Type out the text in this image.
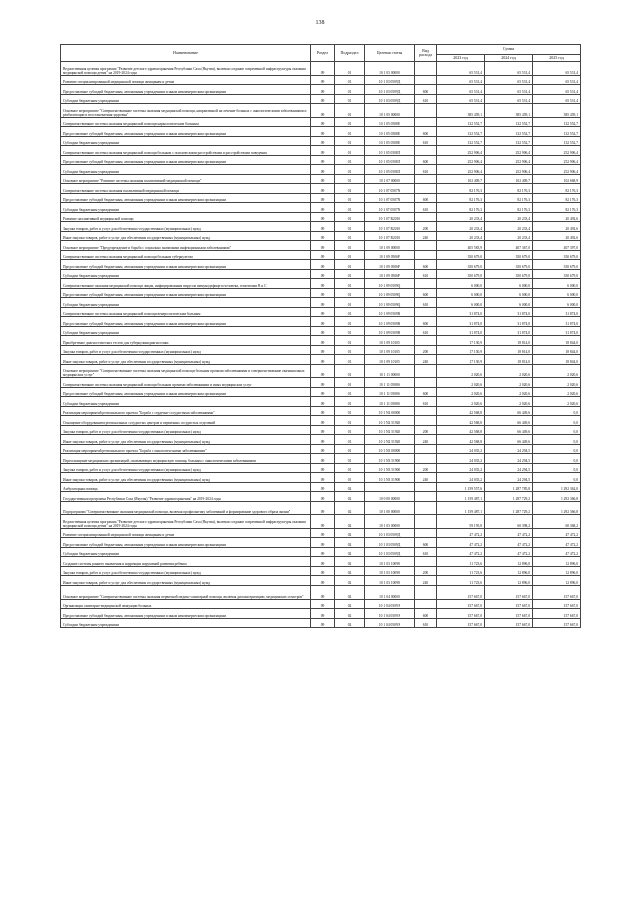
138
Наименование	Раздел	Подраздел	Целевая статья	Вид расхода	Сумма		
					2023 год	2024 год	2025 год
Ведомственная целевая программа "Развитие детского здравоохранения Республики Саха (Якутия), включая создание современной инфраструктуры оказания медицинской помощи детям" на 2019-2024 годы	09	01	10 1 03 00000		65 531,4	65 531,4	65 531,4
Развитие специализированной медицинской помощи женщинам и детям	09	01	10 1 03 0509Д		65 531,4	65 531,4	65 531,4
Предоставление субсидий бюджетным, автономным учреждениям и иным некоммерческим организациям	09	01	10 1 03 0509Д	600	65 531,4	65 531,4	65 531,4
Субсидии бюджетным учреждениям	09	01	10 1 03 0509Д	610	65 531,4	65 531,4	65 531,4
Основное мероприятие "Совершенствование системы оказания медицинской помощи, направленной на лечение больных с онкологическими заболеваниями и реабилитации и восстановления здоровья"	09	01	10 1 05 00000		385 459,1	385 459,1	385 459,1
Совершенствование системы оказания медицинской помощи наркологическим больным	09	01	10 1 05 0508Е		132 552,7	132 552,7	132 552,7
Предоставление субсидий бюджетным, автономным учреждениям и иным некоммерческим организациям	09	01	10 1 05 0508Е	600	132 552,7	132 552,7	132 552,7
Субсидии бюджетным учреждениям	09	01	10 1 05 0508Е	610	132 552,7	132 552,7	132 552,7
Совершенствование системы оказания медицинской помощи больным с психическими расстройствами и расстройствами поведения	09	01	10 1 05 0508Л		252 906,4	252 906,4	252 906,4
Предоставление субсидий бюджетным, автономным учреждениям и иным некоммерческим организациям	09	01	10 1 05 0508Л	600	252 906,4	252 906,4	252 906,4
Субсидии бюджетным учреждениям	09	01	10 1 05 0508Л	610	252 906,4	252 906,4	252 906,4
Основное мероприятие "Развитие системы оказания паллиативной медицинской помощи"	09	01	10 1 07 00000		102 409,7	102 409,7	102 668,9
Совершенствование системы оказания паллиативной медицинской помощи	09	01	10 1 07 0507N		82 176,3	82 176,3	82 176,3
Предоставление субсидий бюджетным, автономным учреждениям и иным некоммерческим организациям	09	01	10 1 07 0507N	600	82 176,3	82 176,3	82 176,3
Субсидии бюджетным учреждениям	09	01	10 1 07 0507N	610	82 176,3	82 176,3	82 176,3
Развитие паллиативной медицинской помощи	09	01	10 1 07 R2010		20 233,4	20 233,4	20 492,6
Закупка товаров, работ и услуг для обеспечения государственных (муниципальных) нужд	09	01	10 1 07 R2010	200	20 233,4	20 233,4	20 492,6
Иные закупки товаров, работ и услуг для обеспечения государственных (муниципальных) нужд	09	01	10 1 07 R2010	240	20 233,4	20 233,4	20 492,6
Основное мероприятие "Предупреждение и борьба с социально значимыми инфекционными заболеваниями"	09	01	10 1 09 00000		405 583,9	407 367,0	407 397,0
Совершенствование системы оказания медицинской помощи больным туберкулезом	09	01	10 1 09 0506Р		350 679,0	350 679,0	350 679,0
Предоставление субсидий бюджетным, автономным учреждениям и иным некоммерческим организациям	09	01	10 1 09 0506Р	600	350 679,0	350 679,0	350 679,0
Субсидии бюджетным учреждениям	09	01	10 1 09 0506Р	610	350 679,0	350 679,0	350 679,0
Совершенствование оказания медицинской помощи лицам, инфицированным вирусом иммунодефицита человека, гепатитами В и С	09	01	10 1 09 0509Q		6 000,0	6 000,0	6 000,0
Предоставление субсидий бюджетным, автономным учреждениям и иным некоммерческим организациям	09	01	10 1 09 0509Q	600	6 000,0	6 000,0	6 000,0
Субсидии бюджетным учреждениям	09	01	10 1 09 0509Q	610	6 000,0	6 000,0	6 000,0
Совершенствование системы оказания медицинской помощи венерологическим больным	09	01	10 1 09 0509R		31 874,0	31 874,0	31 874,0
Предоставление субсидий бюджетным, автономным учреждениям и иным некоммерческим организациям	09	01	10 1 09 0509R	600	31 874,0	31 874,0	31 874,0
Субсидии бюджетным учреждениям	09	01	10 1 09 0509R	610	31 874,0	31 874,0	31 874,0
Приобретение диагностических тестов для туберкулинодиагностики	09	01	10 1 09 10105		17 130,9	18 814,0	18 844,0
Закупка товаров, работ и услуг для обеспечения государственных (муниципальных) нужд	09	01	10 1 09 10105	200	17 130,9	18 814,0	18 844,0
Иные закупки товаров, работ и услуг для обеспечения государственных (муниципальных) нужд	09	01	10 1 09 10105	240	17 130,9	18 814,0	18 844,0
Основное мероприятие "Совершенствование системы оказания медицинской помощи больным прочими заболеваниями и совершенствование оказания иных медицинских услуг"	09	01	10 1 11 00000		2 020,6	2 020,6	2 020,6
Совершенствование системы оказания медицинской помощи больным прочими заболеваниями и иных медицинских услуг	09	01	10 1 11 0508S		2 020,6	2 020,6	2 020,6
Предоставление субсидий бюджетным, автономным учреждениям и иным некоммерческим организациям	09	01	10 1 11 0508S	600	2 020,6	2 020,6	2 020,6
Субсидии бюджетным учреждениям	09	01	10 1 11 0508S	610	2 020,6	2 020,6	2 020,6
Реализация мероприятий регионального проекта "Борьба с сердечно-сосудистыми заболеваниями"	09	01	10 1 N2 00000		42 568,8	66 449,6	0,0
Оснащение оборудованием региональных сосудистых центров и первичных сосудистых отделений	09	01	10 1 N2 51920		42 568,8	66 449,6	0,0
Закупка товаров, работ и услуг для обеспечения государственных (муниципальных) нужд	09	01	10 1 N2 51920	200	42 568,8	66 449,6	0,0
Иные закупки товаров, работ и услуг для обеспечения государственных (муниципальных) нужд	09	01	10 1 N2 51920	240	42 568,8	66 449,6	0,0
Реализация мероприятий регионального проекта "Борьба с онкологическими заболеваниями"	09	01	10 1 N3 00000		24 035,2	24 294,5	0,0
Переоснащение медицинских организаций, оказывающих медицинскую помощь больным с онкологическими заболеваниями	09	01	10 1 N3 51900		24 035,2	24 294,5	0,0
Закупка товаров, работ и услуг для обеспечения государственных (муниципальных) нужд	09	01	10 1 N3 51900	200	24 035,2	24 294,5	0,0
Иные закупки товаров, работ и услуг для обеспечения государственных (муниципальных) нужд	09	01	10 1 N3 51900	240	24 035,2	24 294,5	0,0
Амбулаторная помощь	09	02			1 159 557,6	1 287 785,8	1 292 362,0
Государственная программа Республики Саха (Якутия) "Развитие здравоохранения" на 2019-2024 годы	09	02	10 0 00 00000		1 159 487,1	1 287 729,2	1 292 366,8
Подпрограмма "Совершенствование оказания медицинской помощи, включая профилактику заболеваний и формирование здорового образа жизни"	09	02	10 1 00 00000		1 159 487,1	1 287 729,2	1 292 366,8
Ведомственная целевая программа "Развитие детского здравоохранения Республики Саха (Якутия), включая создание современной инфраструктуры оказания медицинской помощи детям" на 2019-2024 годы	09	02	10 1 03 00000		59 195,8	60 398,2	60 368,2
Развитие специализированной медицинской помощи женщинам и детям	09	02	10 1 03 0509Д		47 472,2	47 472,2	47 472,2
Предоставление субсидий бюджетным, автономным учреждениям и иным некоммерческим организациям	09	02	10 1 03 0509Д	600	47 472,2	47 472,2	47 472,2
Субсидии бюджетным учреждениям	09	02	10 1 03 0509Д	610	47 472,2	47 472,2	47 472,2
Создание системы раннего выявления и коррекции нарушений развития ребенка	09	02	10 1 03 10098		11 723,6	12 896,0	12 896,0
Закупка товаров, работ и услуг для обеспечения государственных (муниципальных) нужд	09	02	10 1 03 10098	200	11 723,6	12 896,0	12 896,0
Иные закупки товаров, работ и услуг для обеспечения государственных (муниципальных) нужд	09	02	10 1 03 10098	240	11 723,6	12 896,0	12 896,0
Основное мероприятие "Совершенствование системы оказания первичной медико-санитарной помощи, включая диспансеризацию, медицинских осмотров"	09	02	10 1 04 00000		157 667,0	157 667,0	157 667,0
Организация санитарно-медицинской эвакуации больных	09	02	10 1 04 0509Э		157 667,0	157 667,0	157 667,0
Предоставление субсидий бюджетным, автономным учреждениям и иным некоммерческим организациям	09	02	10 1 04 0509Э	600	157 667,0	157 667,0	157 667,0
Субсидии бюджетным учреждениям	09	02	10 1 04 0509Э	610	157 667,0	157 667,0	157 667,0
